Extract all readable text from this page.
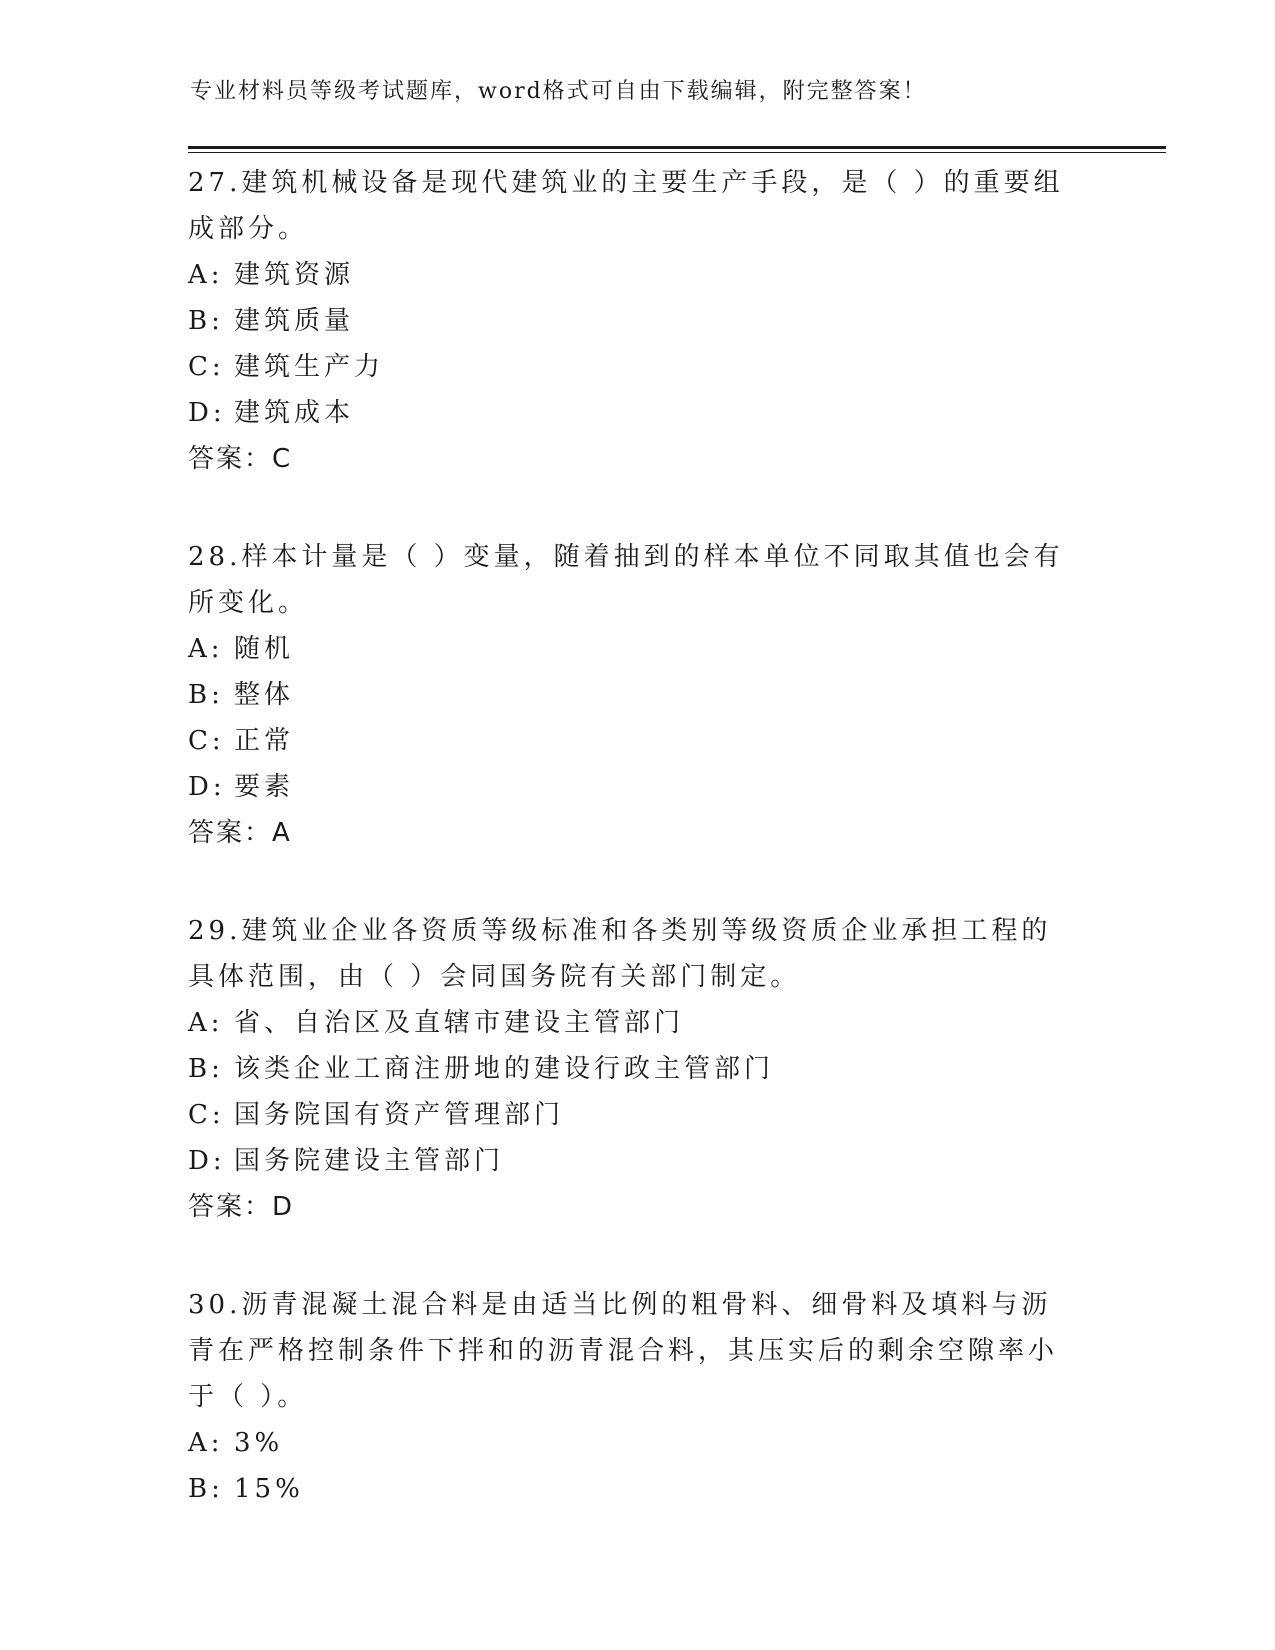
专业材料员等级考试题库，word格式可自由下载编辑，附完整答案！
27.建筑机械设备是现代建筑业的主要生产手段，是（ ）的重要组成部分。
A: 建筑资源
B: 建筑质量
C: 建筑生产力
D: 建筑成本
答案：C
28.样本计量是（ ）变量，随着抽到的样本单位不同取其值也会有所变化。
A: 随机
B: 整体
C: 正常
D: 要素
答案：A
29.建筑业企业各资质等级标准和各类别等级资质企业承担工程的具体范围，由（ ）会同国务院有关部门制定。
A: 省、自治区及直辖市建设主管部门
B: 该类企业工商注册地的建设行政主管部门
C: 国务院国有资产管理部门
D: 国务院建设主管部门
答案：D
30.沥青混凝土混合料是由适当比例的粗骨料、细骨料及填料与沥青在严格控制条件下拌和的沥青混合料，其压实后的剩余空隙率小于（ ）。
A: 3%
B: 15%
